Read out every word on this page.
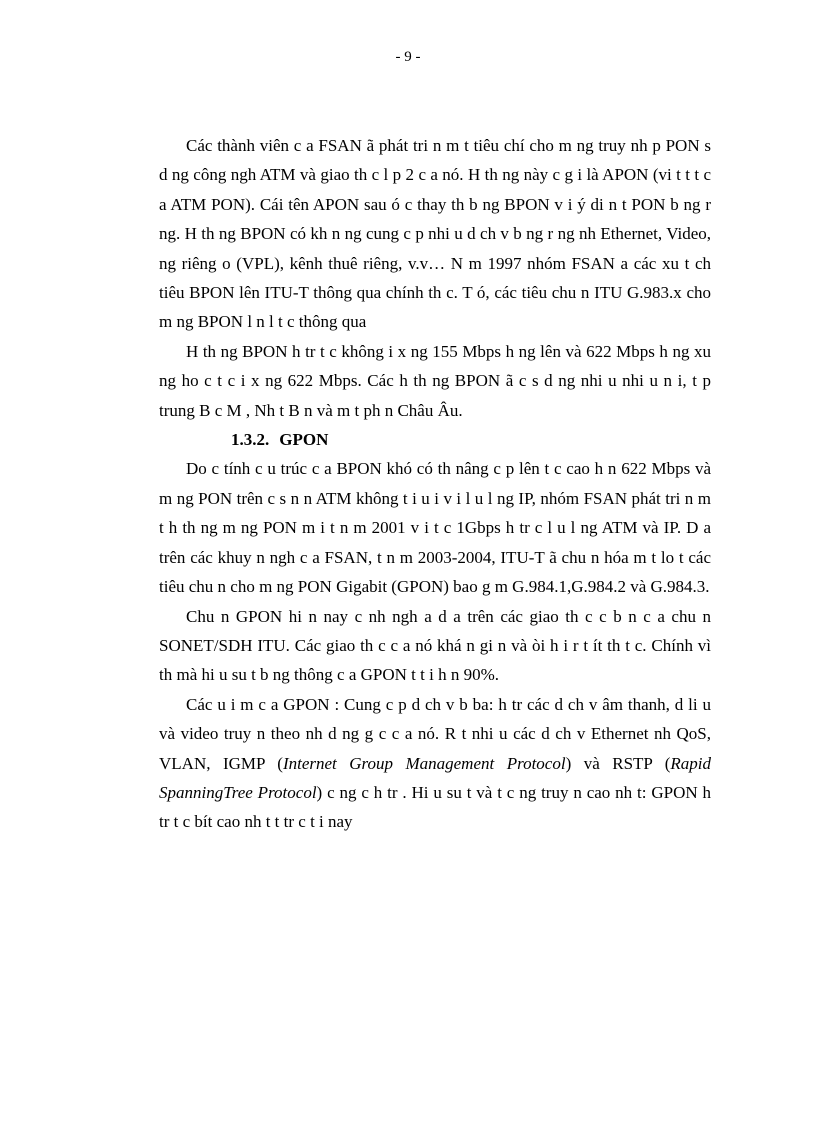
- 9 -

Các thành viên c a FSAN ã phát tri n m t tiêu chí cho m ng truy nh p PON s d ng công ngh ATM và giao th c l p 2 c a nó. H th ng này c g i là APON (vi t t t c a ATM PON). Cái tên APON sau ó c thay th b ng BPON v i ý di n t PON b ng r ng. H th ng BPON có kh n ng cung c p nhi u d ch v b ng r ng nh Ethernet, Video, ng riêng o (VPL), kênh thuê riêng, v.v… N m 1997 nhóm FSAN a các xu t ch tiêu BPON lên ITU-T thông qua chính th c. T ó, các tiêu chu n ITU G.983.x cho m ng BPON l n l t c thông qua

H th ng BPON h tr t c không i x ng 155 Mbps h ng lên và 622 Mbps h ng xu ng ho c t c i x ng 622 Mbps. Các h th ng BPON ã c s d ng nhi u nhi u n i, t p trung B c M , Nh t B n và m t ph n Châu Âu.

1.3.2. GPON

Do c tính c u trúc c a BPON khó có th nâng c p lên t c cao h n 622 Mbps và m ng PON trên c s n n ATM không t i u i v i l u l ng IP, nhóm FSAN phát tri n m t h th ng m ng PON m i t n m 2001 v i t c 1Gbps h tr c l u l ng ATM và IP. D a trên các khuy n ngh c a FSAN, t n m 2003-2004, ITU-T ã chu n hóa m t lo t các tiêu chu n cho m ng PON Gigabit (GPON) bao g m G.984.1,G.984.2 và G.984.3.

Chu n GPON hi n nay c nh ngh a d a trên các giao th c c b n c a chu n SONET/SDH ITU. Các giao th c c a nó khá n gi n và òi h i r t ít th t c. Chính vì th mà hi u su t b ng thông c a GPON t t i h n 90%.

Các u i m c a GPON : Cung c p d ch v b ba: h tr các d ch v âm thanh, d li u và video truy n theo nh d ng g c c a nó. R t nhi u các d ch v Ethernet nh QoS, VLAN, IGMP (Internet Group Management Protocol) và RSTP (Rapid SpanningTree Protocol) c ng c h tr . Hi u su t và t c ng truy n cao nh t: GPON h tr t c bít cao nh t t tr c t i nay
